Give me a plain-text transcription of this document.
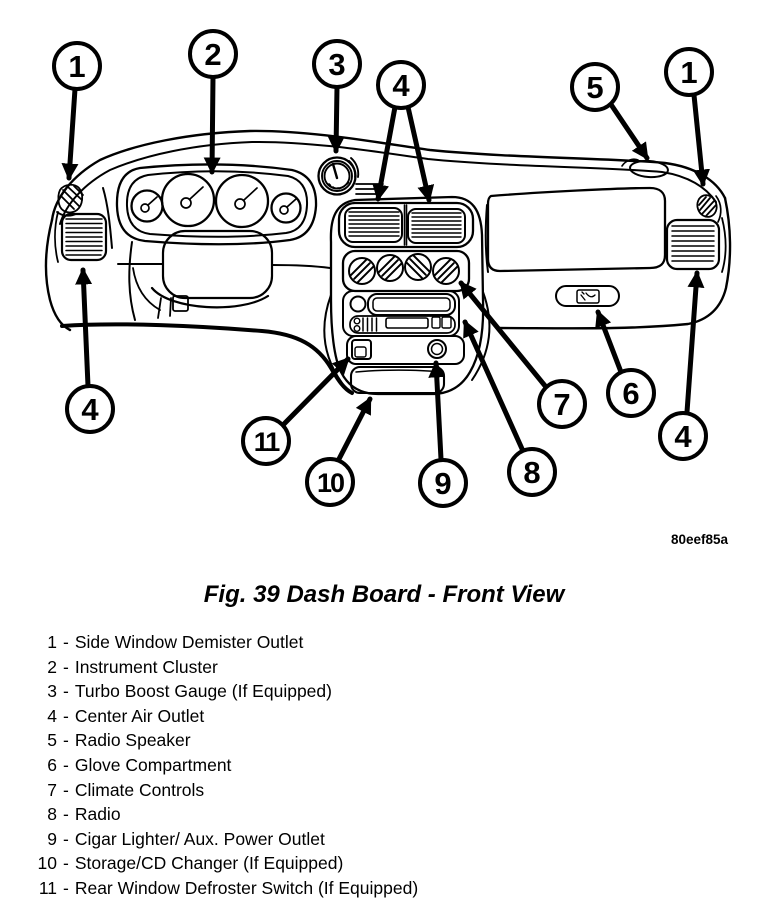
1	2	3
4	5 1
4
11
10	9 8
7 6
4
80eef85a
Fig. 39 Dash Board - Front View
1 - Side Window Demister Outlet
2 - Instrument Cluster
3 - Turbo Boost Gauge (If Equipped)
4 - Center Air Outlet
5 - Radio Speaker
6 - Glove Compartment
7 - Climate Controls
8 - Radio
9 - Cigar Lighter/ Aux. Power Outlet
10 - Storage/CD Changer (If Equipped)
11 - Rear Window Defroster Switch (If Equipped)
